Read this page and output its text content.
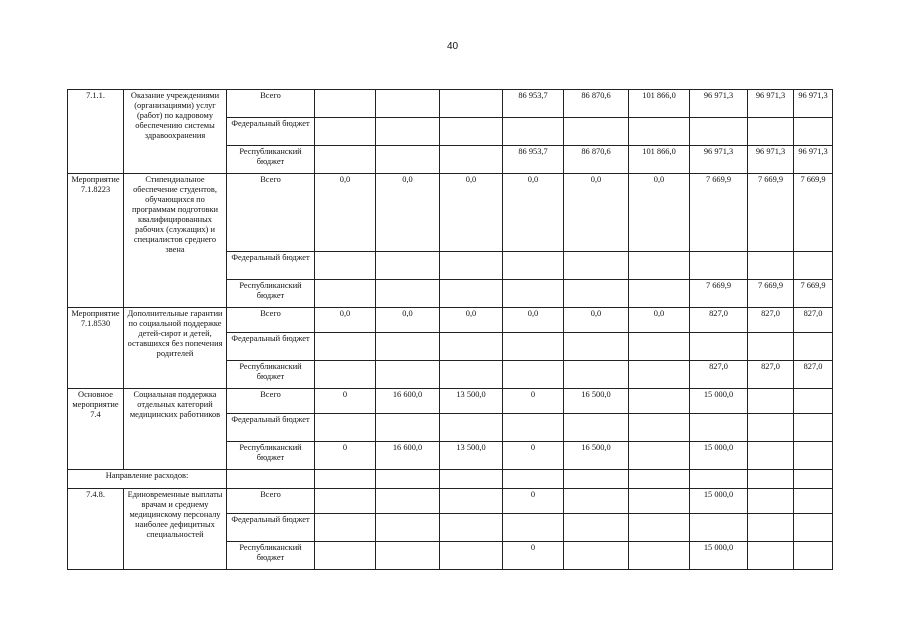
40
7.1.1.	Оказание учреждениями (организациями) услуг (работ) по кадровому обеспечению системы здравоохранения	Всего				86 953,7	86 870,6	101 866,0	96 971,3	96 971,3	96 971,3

		Федеральный бюджет									

		Республиканский бюджет				86 953,7	86 870,6	101 866,0	96 971,3	96 971,3	96 971,3
Мероприятие 7.1.8223	Стипендиальное обеспечение студентов, обучающихся по программам подготовки квалифицированных рабочих (служащих) и специалистов среднего звена	Всего	0,0	0,0	0,0	0,0	0,0	0,0	7 669,9	7 669,9	7 669,9

		Федеральный бюджет									

		Республиканский бюджет							7 669,9	7 669,9	7 669,9
Мероприятие 7.1.8530	Дополнительные гарантии по социальной поддержке детей-сирот и детей, оставшихся без попечения родителей	Всего	0,0	0,0	0,0	0,0	0,0	0,0	827,0	827,0	827,0

		Федеральный бюджет									

		Республиканский бюджет							827,0	827,0	827,0
Основное мероприятие 7.4	Социальная поддержка отдельных категорий медицинских работников	Всего	0	16 600,0	13 500,0	0	16 500,0		15 000,0		

		Федеральный бюджет									

		Республиканский бюджет	0	16 600,0	13 500,0	0	16 500,0		15 000,0		
Направление расходов:											
7.4.8.	Единовременные выплаты врачам и среднему медицинскому персоналу наиболее дефицитных специальностей	Всего				0			15 000,0		

		Федеральный бюджет									

		Республиканский бюджет				0			15 000,0		
